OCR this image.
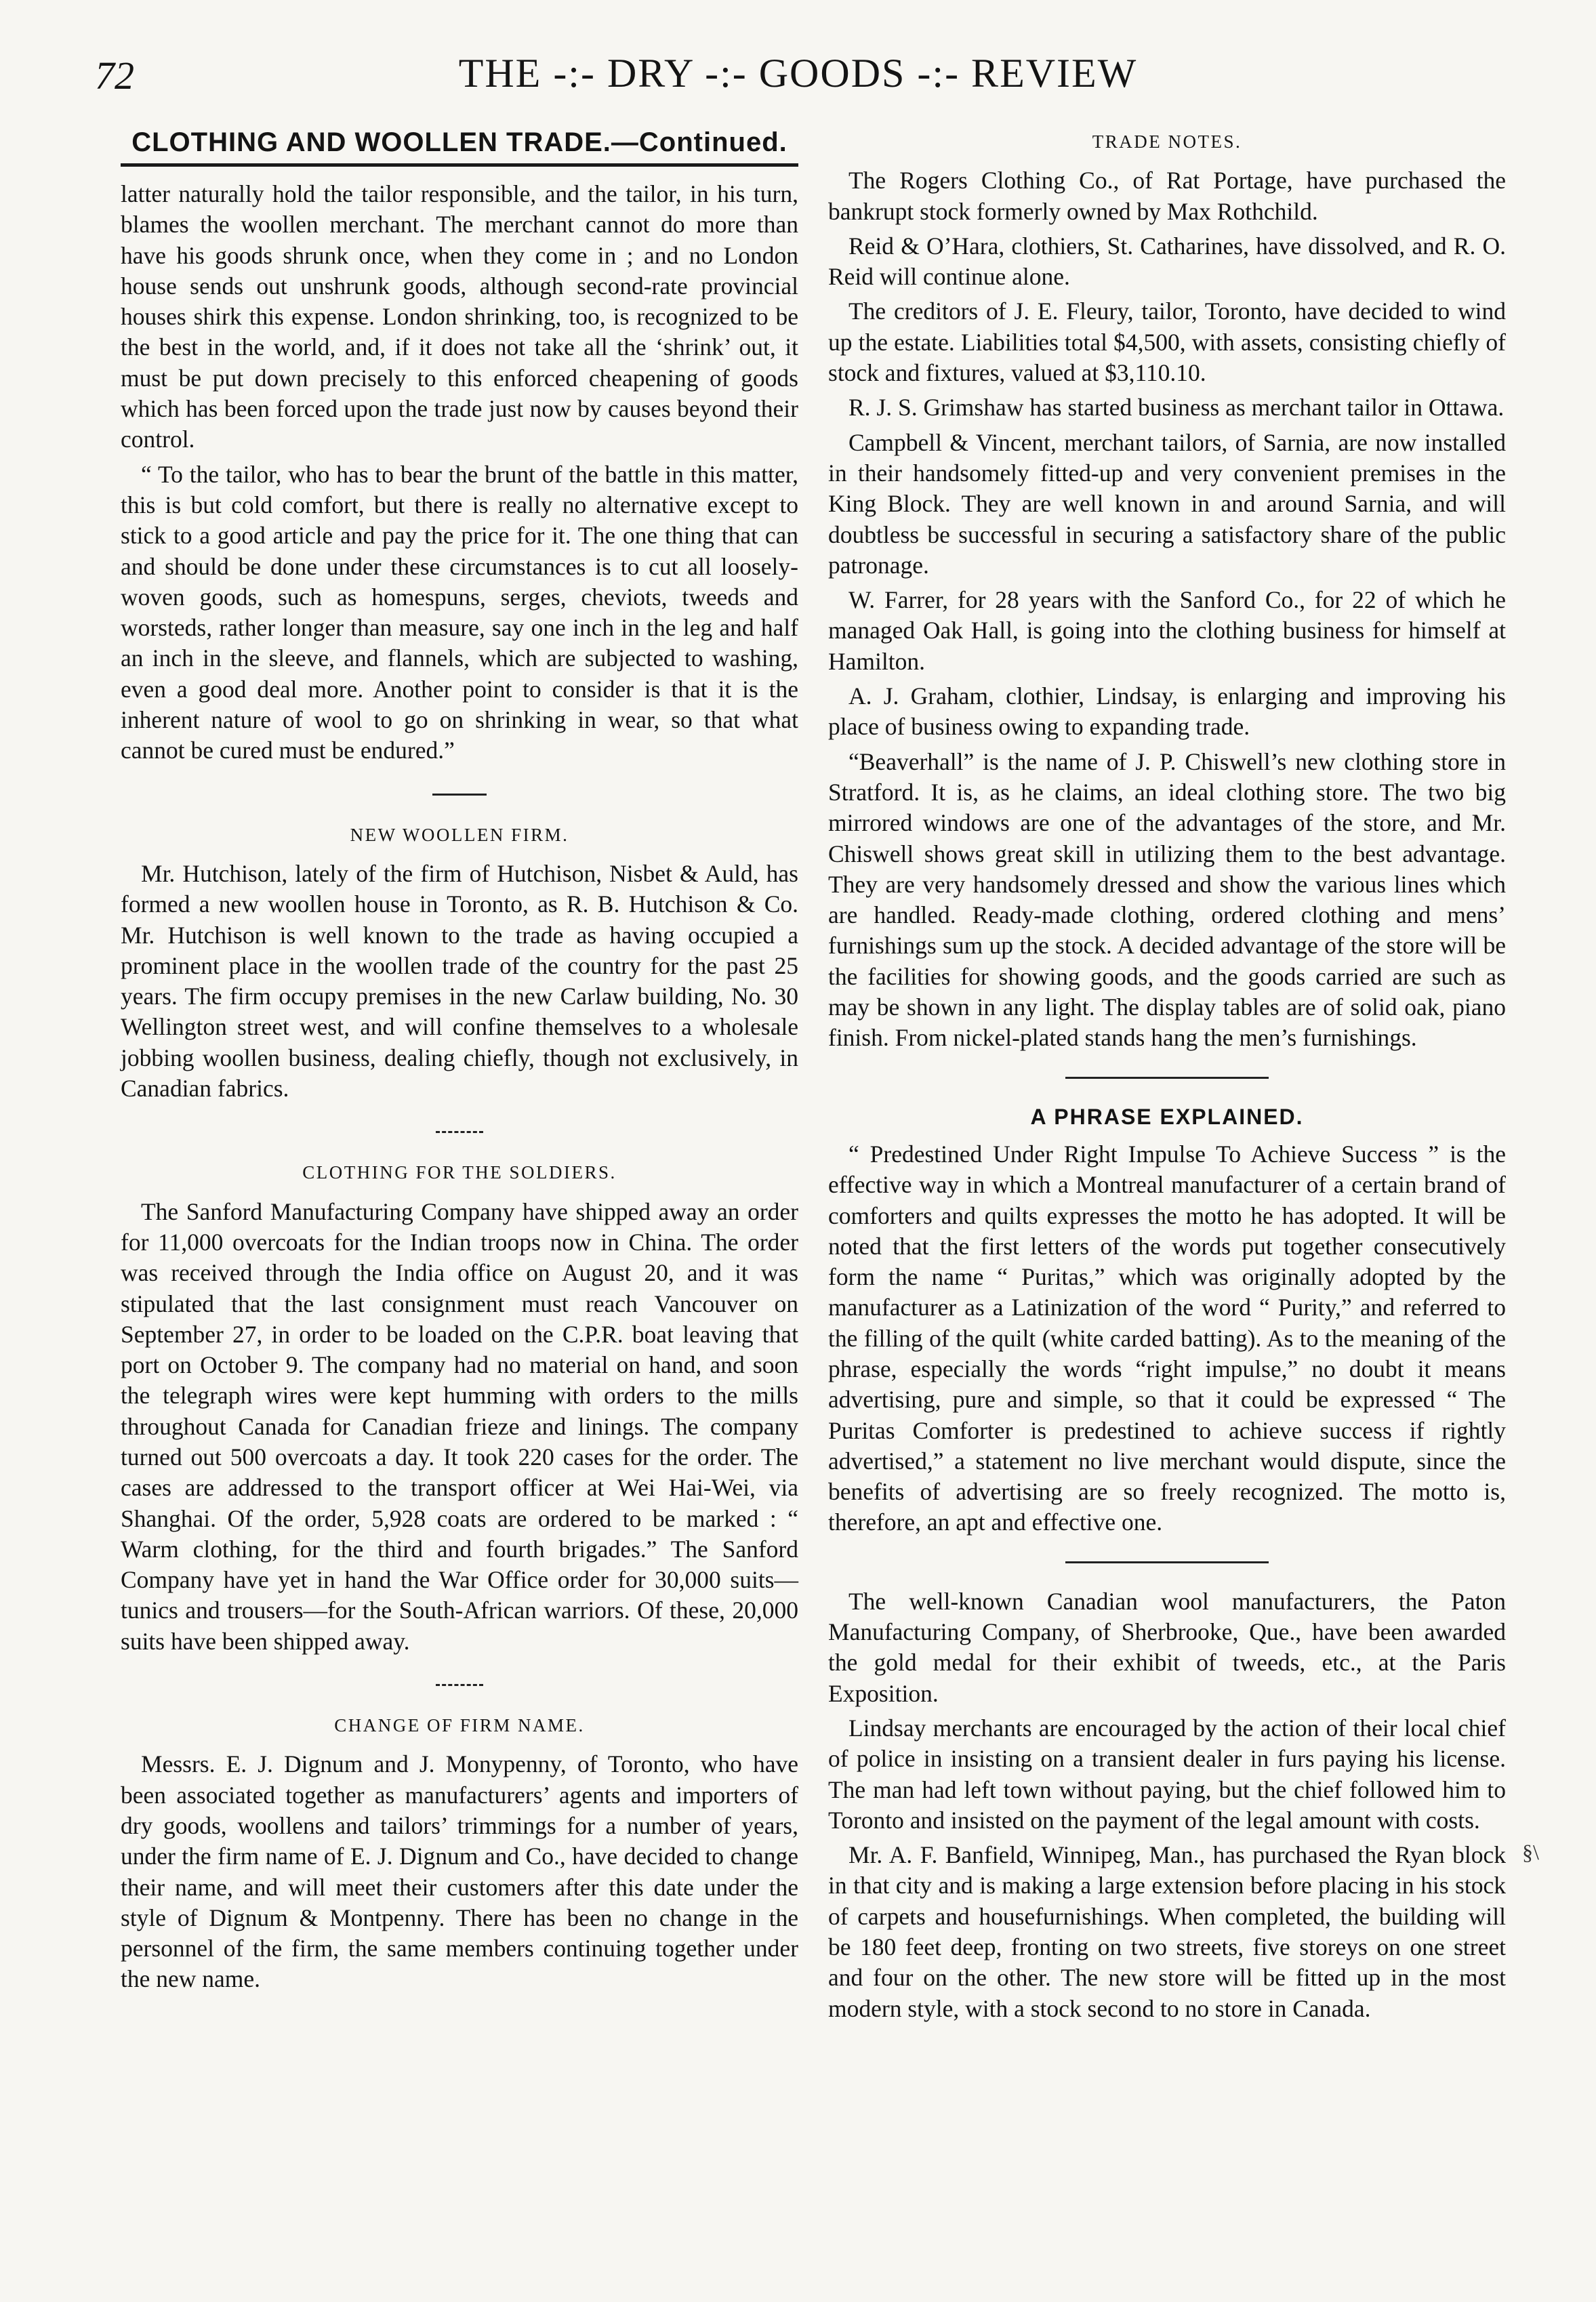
72	THE -:- DRY -:- GOODS -:- REVIEW
CLOTHING AND WOOLLEN TRADE.—Continued.

latter naturally hold the tailor responsible, and the tailor, in his turn, blames the woollen merchant. The merchant cannot do more than have his goods shrunk once, when they come in ; and no London house sends out unshrunk goods, although second-rate provincial houses shirk this expense. London shrinking, too, is recognized to be the best in the world, and, if it does not take all the ‘shrink’ out, it must be put down precisely to this enforced cheapening of goods which has been forced upon the trade just now by causes beyond their control.

“ To the tailor, who has to bear the brunt of the battle in this matter, this is but cold comfort, but there is really no alternative except to stick to a good article and pay the price for it. The one thing that can and should be done under these circumstances is to cut all loosely-woven goods, such as homespuns, serges, cheviots, tweeds and worsteds, rather longer than measure, say one inch in the leg and half an inch in the sleeve, and flannels, which are subjected to washing, even a good deal more. Another point to consider is that it is the inherent nature of wool to go on shrinking in wear, so that what cannot be cured must be endured.”

NEW WOOLLEN FIRM.

Mr. Hutchison, lately of the firm of Hutchison, Nisbet & Auld, has formed a new woollen house in Toronto, as R. B. Hutchison & Co. Mr. Hutchison is well known to the trade as having occupied a prominent place in the woollen trade of the country for the past 25 years. The firm occupy premises in the new Carlaw building, No. 30 Wellington street west, and will confine themselves to a wholesale jobbing woollen business, dealing chiefly, though not exclusively, in Canadian fabrics.

CLOTHING FOR THE SOLDIERS.

The Sanford Manufacturing Company have shipped away an order for 11,000 overcoats for the Indian troops now in China. The order was received through the India office on August 20, and it was stipulated that the last consignment must reach Vancouver on September 27, in order to be loaded on the C.P.R. boat leaving that port on October 9. The company had no material on hand, and soon the telegraph wires were kept humming with orders to the mills throughout Canada for Canadian frieze and linings. The company turned out 500 overcoats a day. It took 220 cases for the order. The cases are addressed to the transport officer at Wei Hai-Wei, via Shanghai. Of the order, 5,928 coats are ordered to be marked : “ Warm clothing, for the third and fourth brigades.” The Sanford Company have yet in hand the War Office order for 30,000 suits—tunics and trousers—for the South-African warriors. Of these, 20,000 suits have been shipped away.

CHANGE OF FIRM NAME.

Messrs. E. J. Dignum and J. Monypenny, of Toronto, who have been associated together as manufacturers’ agents and importers of dry goods, woollens and tailors’ trimmings for a number of years, under the firm name of E. J. Dignum and Co., have decided to change their name, and will meet their customers after this date under the style of Dignum & Montpenny. There has been no change in the personnel of the firm, the same members continuing together under the new name.

TRADE NOTES.

The Rogers Clothing Co., of Rat Portage, have purchased the bankrupt stock formerly owned by Max Rothchild.

Reid & O’Hara, clothiers, St. Catharines, have dissolved, and R. O. Reid will continue alone.

The creditors of J. E. Fleury, tailor, Toronto, have decided to wind up the estate. Liabilities total $4,500, with assets, consisting chiefly of stock and fixtures, valued at $3,110.10.

R. J. S. Grimshaw has started business as merchant tailor in Ottawa.

Campbell & Vincent, merchant tailors, of Sarnia, are now installed in their handsomely fitted-up and very convenient premises in the King Block. They are well known in and around Sarnia, and will doubtless be successful in securing a satisfactory share of the public patronage.

W. Farrer, for 28 years with the Sanford Co., for 22 of which he managed Oak Hall, is going into the clothing business for himself at Hamilton.

A. J. Graham, clothier, Lindsay, is enlarging and improving his place of business owing to expanding trade.

“Beaverhall” is the name of J. P. Chiswell’s new clothing store in Stratford. It is, as he claims, an ideal clothing store. The two big mirrored windows are one of the advantages of the store, and Mr. Chiswell shows great skill in utilizing them to the best advantage. They are very handsomely dressed and show the various lines which are handled. Ready-made clothing, ordered clothing and mens’ furnishings sum up the stock. A decided advantage of the store will be the facilities for showing goods, and the goods carried are such as may be shown in any light. The display tables are of solid oak, piano finish. From nickel-plated stands hang the men’s furnishings.

A PHRASE EXPLAINED.

“ Predestined Under Right Impulse To Achieve Success ” is the effective way in which a Montreal manufacturer of a certain brand of comforters and quilts expresses the motto he has adopted. It will be noted that the first letters of the words put together consecutively form the name “ Puritas,” which was originally adopted by the manufacturer as a Latinization of the word “ Purity,” and referred to the filling of the quilt (white carded batting). As to the meaning of the phrase, especially the words “right impulse,” no doubt it means advertising, pure and simple, so that it could be expressed “ The Puritas Comforter is predestined to achieve success if rightly advertised,” a statement no live merchant would dispute, since the benefits of advertising are so freely recognized. The motto is, therefore, an apt and effective one.

The well-known Canadian wool manufacturers, the Paton Manufacturing Company, of Sherbrooke, Que., have been awarded the gold medal for their exhibit of tweeds, etc., at the Paris Exposition.

Lindsay merchants are encouraged by the action of their local chief of police in insisting on a transient dealer in furs paying his license. The man had left town without paying, but the chief followed him to Toronto and insisted on the payment of the legal amount with costs.

Mr. A. F. Banfield, Winnipeg, Man., has purchased the Ryan block in that city and is making a large extension before placing in his stock of carpets and housefurnishings. When completed, the building will be 180 feet deep, fronting on two streets, five storeys on one street and four on the other. The new store will be fitted up in the most modern style, with a stock second to no store in Canada.

§\
